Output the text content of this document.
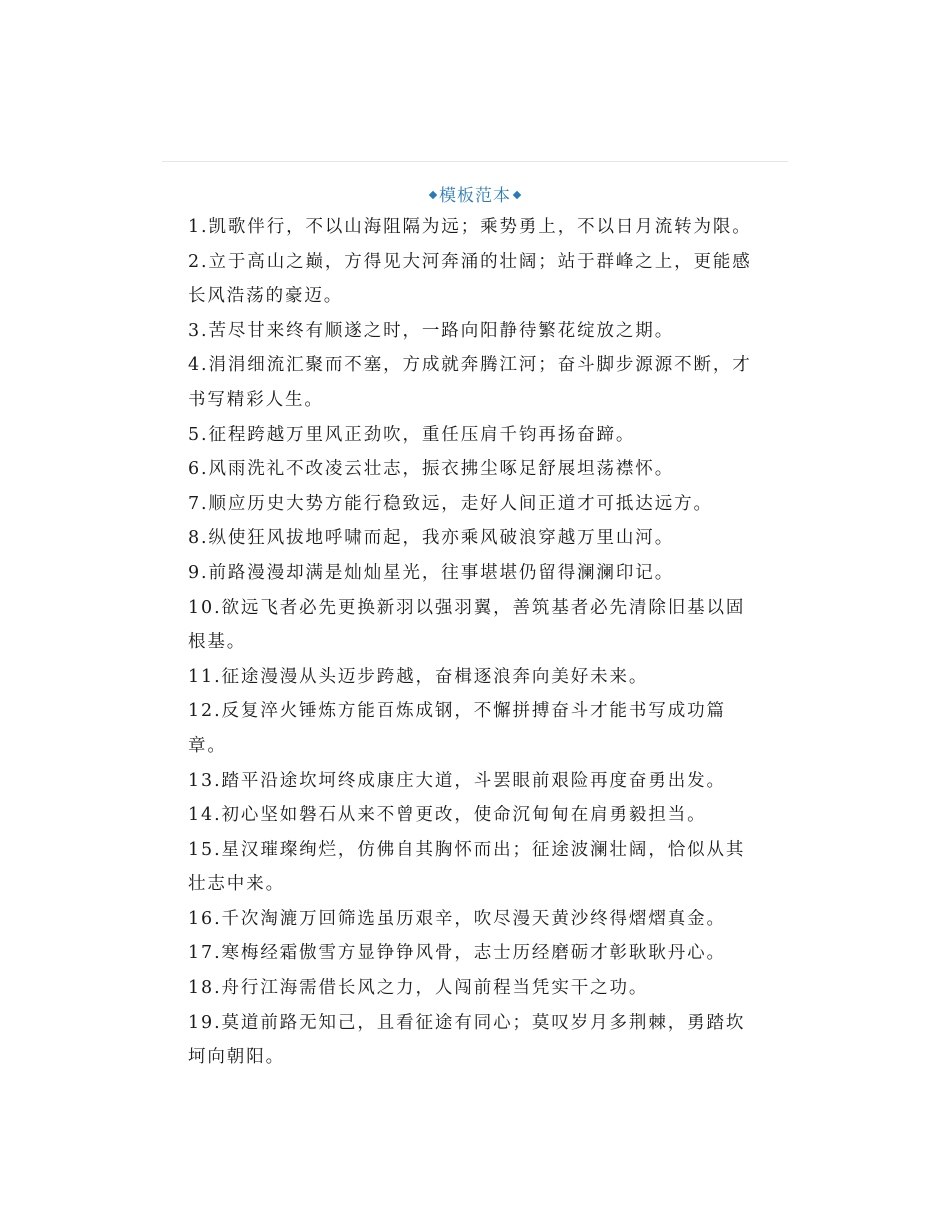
模板范本

1.凯歌伴行，不以山海阻隔为远；乘势勇上，不以日月流转为限。

2.立于高山之巅，方得见大河奔涌的壮阔；站于群峰之上，更能感长风浩荡的豪迈。

3.苦尽甘来终有顺遂之时，一路向阳静待繁花绽放之期。

4.涓涓细流汇聚而不塞，方成就奔腾江河；奋斗脚步源源不断，才书写精彩人生。

5.征程跨越万里风正劲吹，重任压肩千钧再扬奋蹄。

6.风雨洗礼不改凌云壮志，振衣拂尘啄足舒展坦荡襟怀。

7.顺应历史大势方能行稳致远，走好人间正道才可抵达远方。

8.纵使狂风拔地呼啸而起，我亦乘风破浪穿越万里山河。

9.前路漫漫却满是灿灿星光，往事堪堪仍留得澜澜印记。

10.欲远飞者必先更换新羽以强羽翼，善筑基者必先清除旧基以固根基。

11.征途漫漫从头迈步跨越，奋楫逐浪奔向美好未来。

12.反复淬火锤炼方能百炼成钢，不懈拼搏奋斗才能书写成功篇章。

13.踏平沿途坎坷终成康庄大道，斗罢眼前艰险再度奋勇出发。

14.初心坚如磐石从来不曾更改，使命沉甸甸在肩勇毅担当。

15.星汉璀璨绚烂，仿佛自其胸怀而出；征途波澜壮阔，恰似从其壮志中来。

16.千次淘漉万回筛选虽历艰辛，吹尽漫天黄沙终得熠熠真金。

17.寒梅经霜傲雪方显铮铮风骨，志士历经磨砺才彰耿耿丹心。

18.舟行江海需借长风之力，人闯前程当凭实干之功。

19.莫道前路无知己，且看征途有同心；莫叹岁月多荆棘，勇踏坎坷向朝阳。
